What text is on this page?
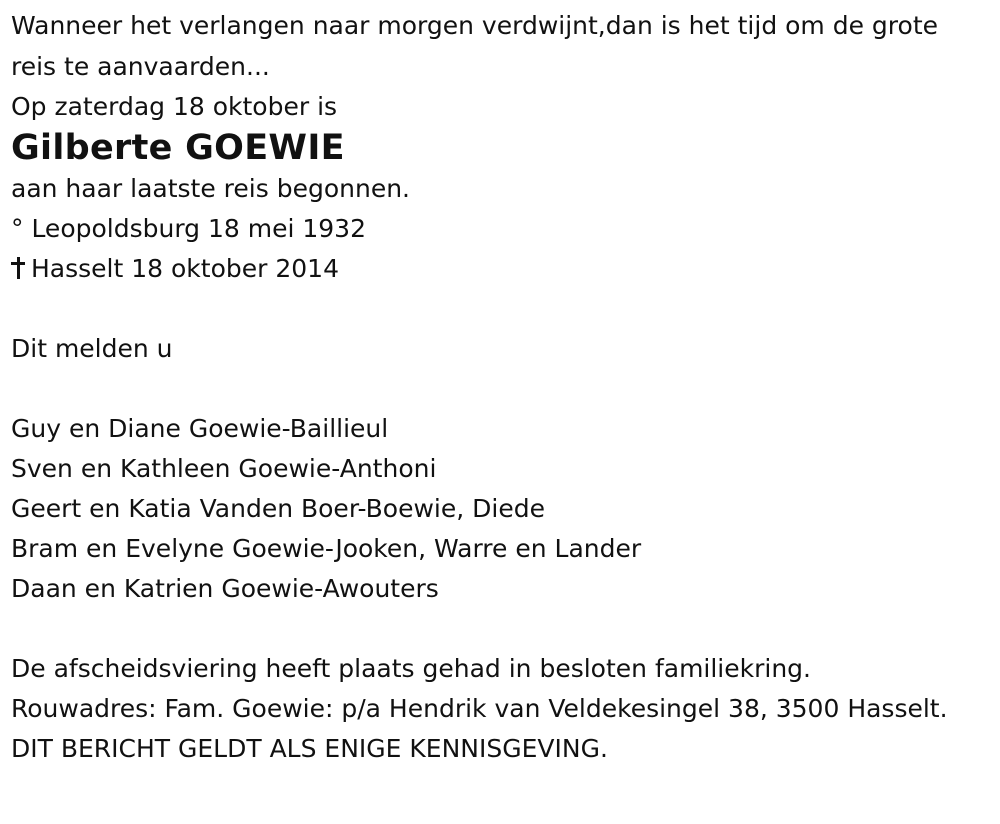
Wanneer het verlangen naar morgen verdwijnt,dan is het tijd om de grote reis te aanvaarden...
Op zaterdag 18 oktober is
Gilberte GOEWIE
aan haar laatste reis begonnen.
° Leopoldsburg 18 mei 1932
Hasselt 18 oktober 2014
Dit melden u
Guy en Diane Goewie-Baillieul
Sven en Kathleen Goewie-Anthoni
Geert en Katia Vanden Boer-Boewie, Diede
Bram en Evelyne Goewie-Jooken, Warre en Lander
Daan en Katrien Goewie-Awouters
De afscheidsviering heeft plaats gehad in besloten familiekring.
Rouwadres: Fam. Goewie: p/a Hendrik van Veldekesingel 38, 3500 Hasselt.
DIT BERICHT GELDT ALS ENIGE KENNISGEVING.
